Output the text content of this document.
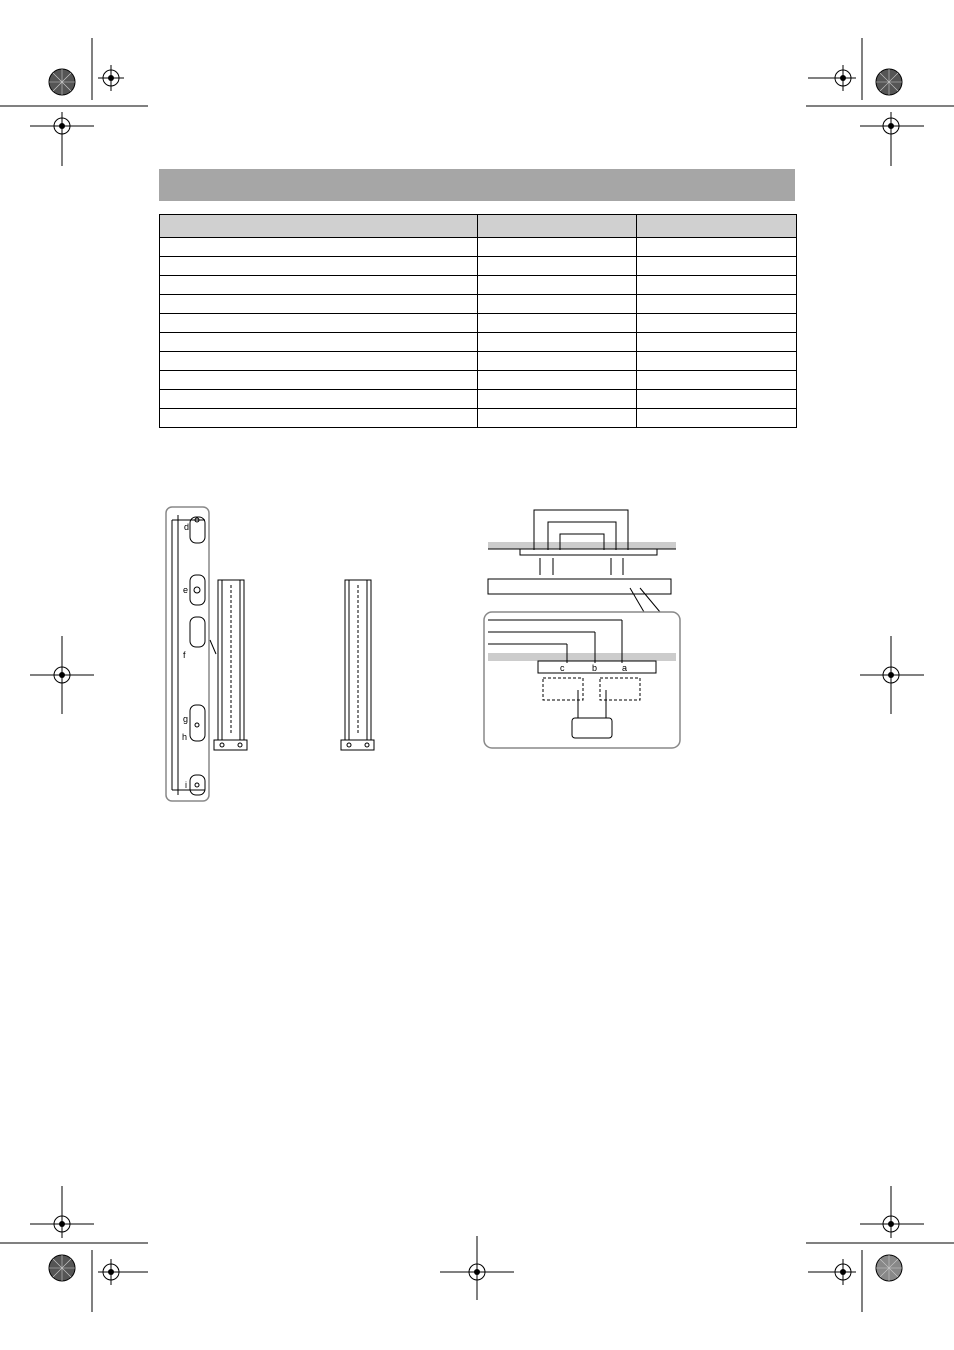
d
e
f
g
h
i
a
b
c
